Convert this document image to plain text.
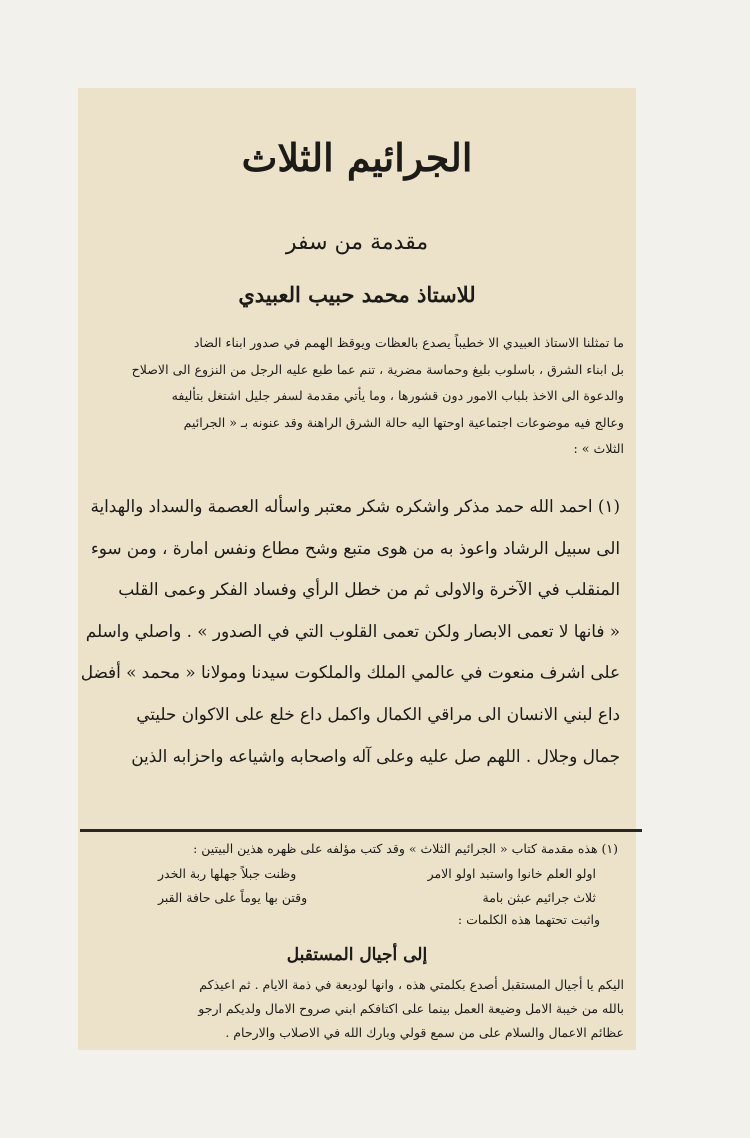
الجرائيم الثلاث
مقدمة من سفر
للاستاذ محمد حبيب العبيدي
ما تمثلنا الاستاذ العبيدي الا خطيباً يصدع بالعظات ويوقظ الهمم في صدور ابناء الضاد
بل ابناء الشرق ، باسلوب بليغ وحماسة مضرية ، تنم عما طبع عليه الرجل من النزوع الى الاصلاح
والدعوة الى الاخذ بلباب الامور دون قشورها ، وما يأتي مقدمة لسفر جليل اشتغل بتأليفه
وعالج فيه موضوعات اجتماعية اوحتها اليه حالة الشرق الراهنة وقد عنونه بـ « الجرائيم
الثلاث » :
(١) احمد الله حمد مذكر واشكره شكر معتبر واسأله العصمة والسداد والهداية
الى سبيل الرشاد واعوذ به من هوى متبع وشح مطاع ونفس امارة ، ومن سوء
المنقلب في الآخرة والاولى ثم من خطل الرأي وفساد الفكر وعمى القلب
« فانها لا تعمى الابصار ولكن تعمى القلوب التي في الصدور » . واصلي واسلم
على اشرف منعوت في عالمي الملك والملكوت سيدنا ومولانا « محمد » أفضل
داع لبني الانسان الى مراقي الكمال واكمل داع خلع على الاكوان حليتي
جمال وجلال . اللهم صل عليه وعلى آله واصحابه واشياعه واحزابه الذين
(١) هذه مقدمة كتاب « الجرائيم الثلاث » وقد كتب مؤلفه على ظهره هذين البيتين :
اولو العلم خانوا واستبد اولو الامر
وظنت جبلاً جهلها ربة الخدر
ثلاث جرائيم عبثن بامة
وقتن بها يوماً على حافة القبر
واثبت تحتهما هذه الكلمات :
إلى أجيال المستقبل
اليكم يا أجيال المستقبل أصدع بكلمتي هذه ، وانها لوديعة في ذمة الايام . ثم اعيذكم
بالله من خيبة الامل وضيعة العمل بينما على اكتافكم ابني صروح الامال ولديكم ارجو
عظائم الاعمال والسلام على من سمع قولي وبارك الله في الاصلاب والارحام .
